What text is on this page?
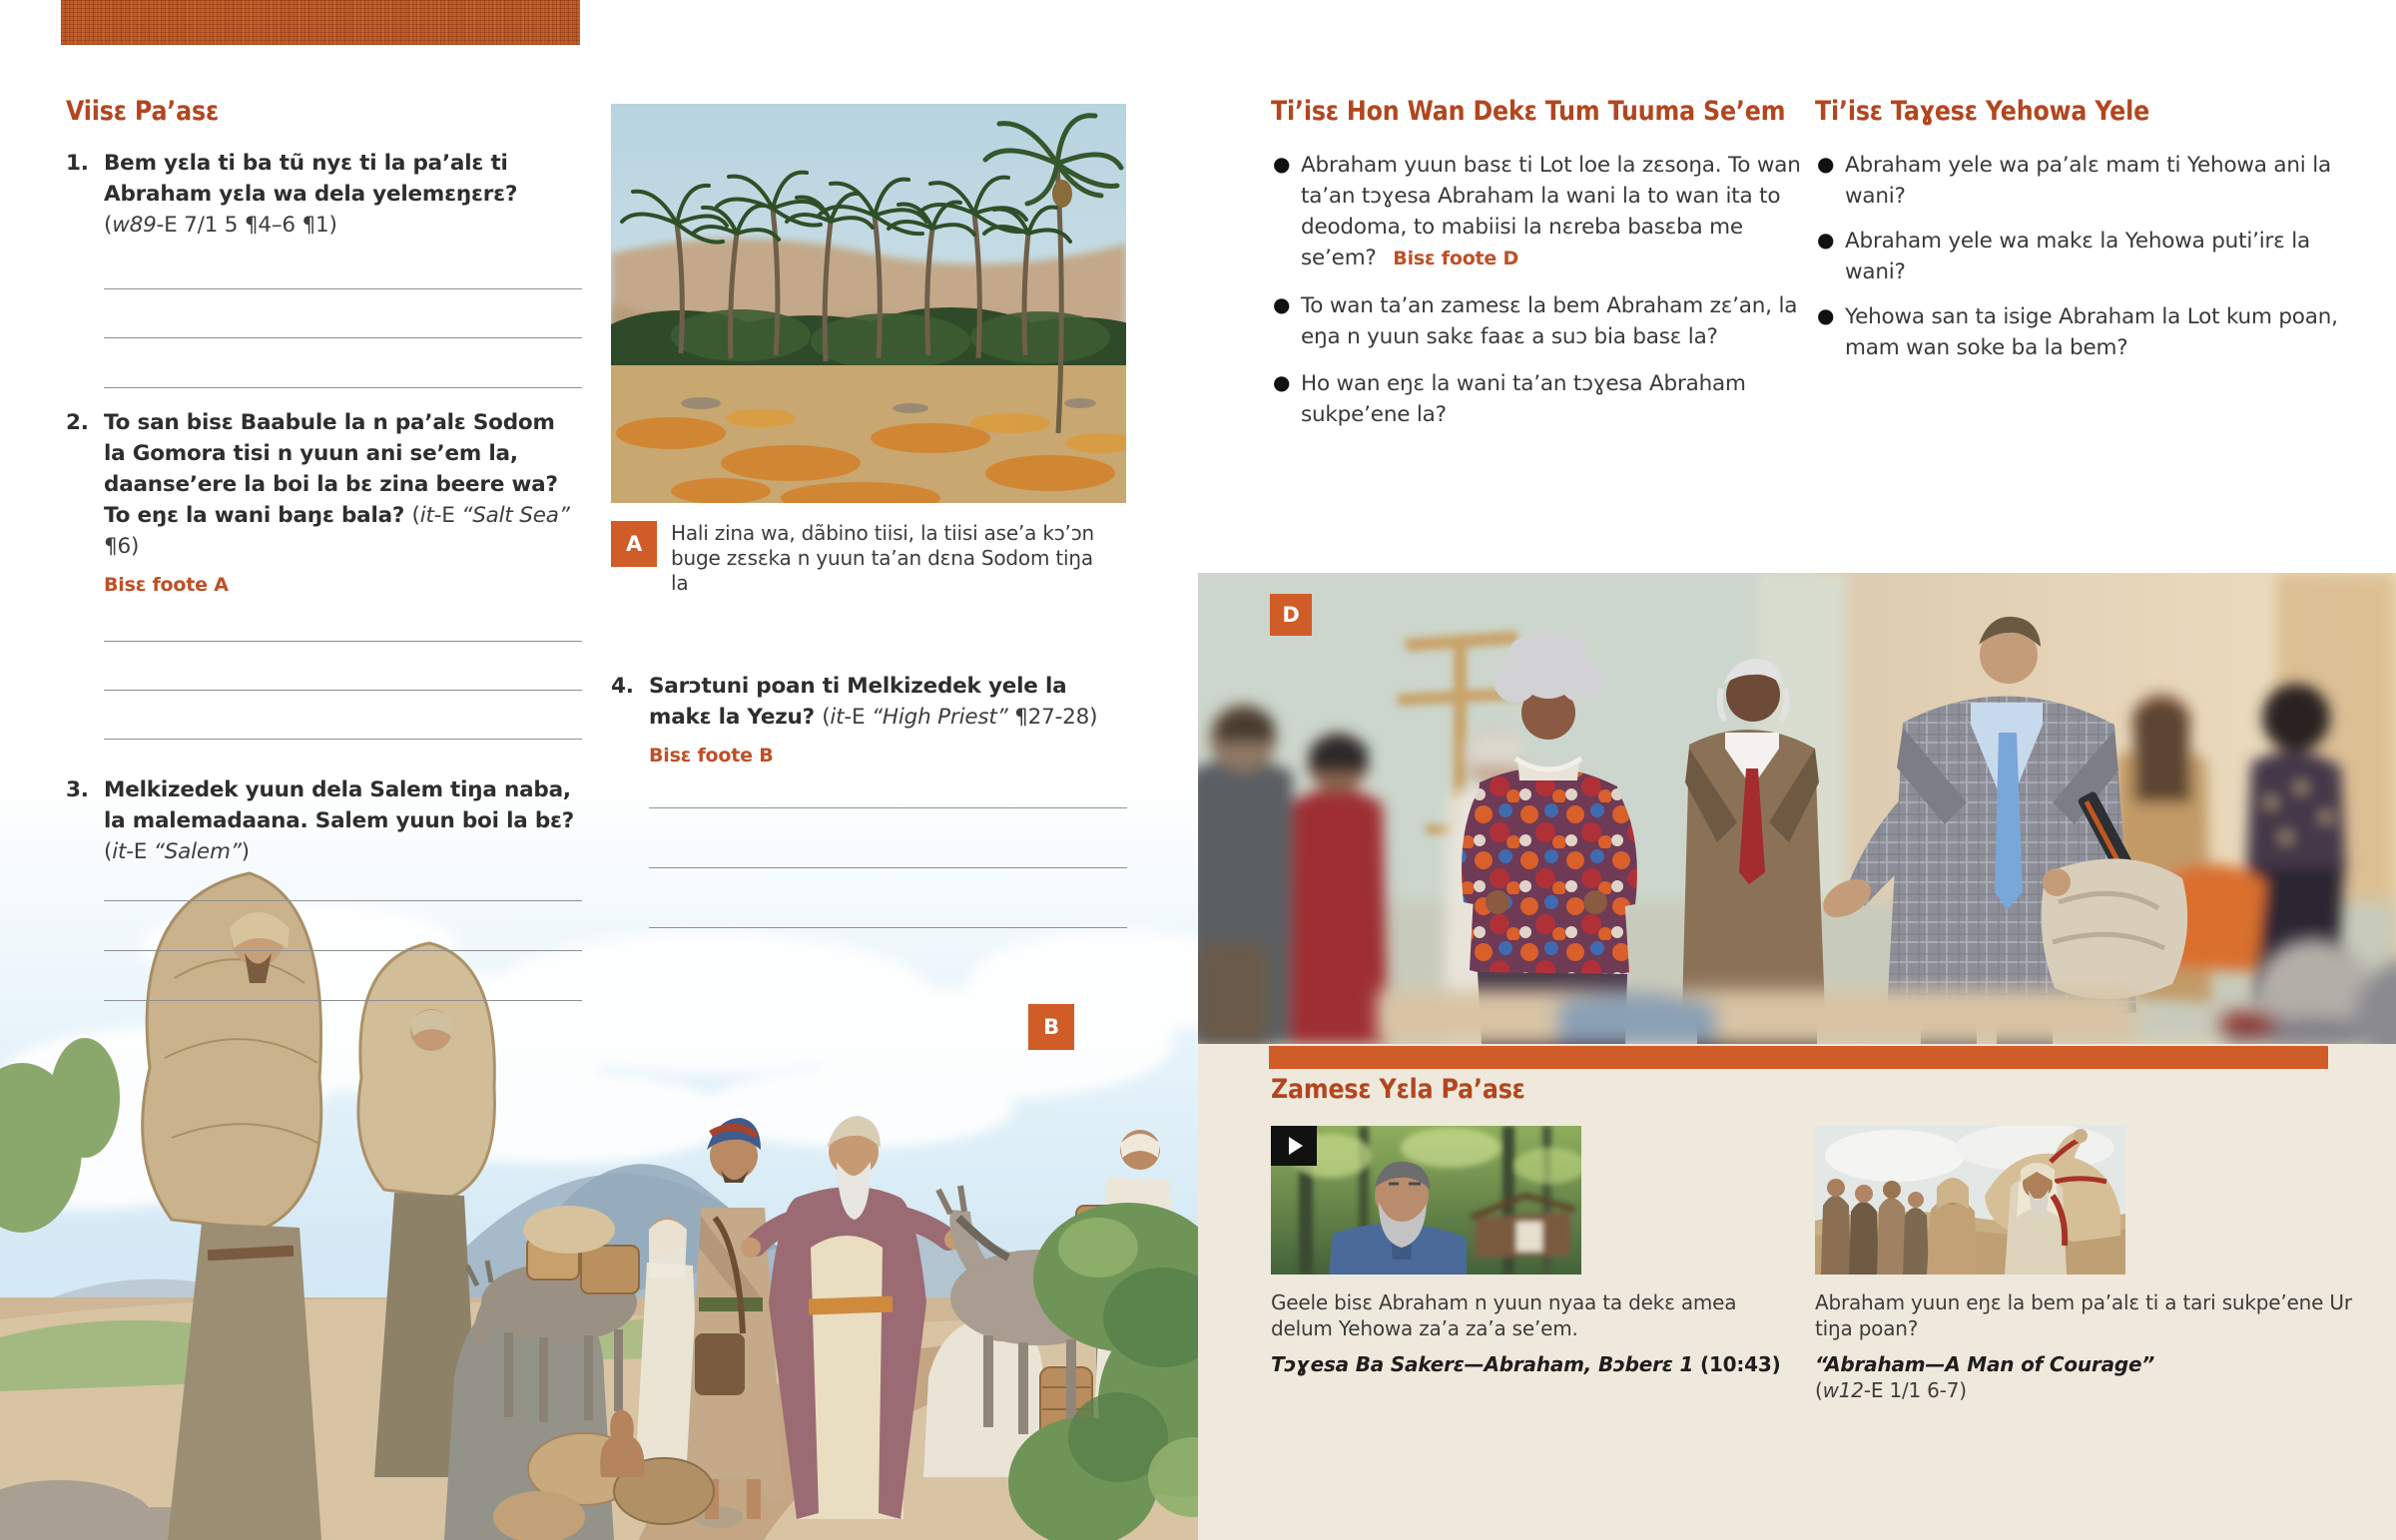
Viisɛ Pa’asɛ
1. Bem yɛla ti ba tũ nyɛ ti la pa’alɛ ti Abraham yɛla wa dela yelemɛŋɛrɛ? (w89-E 7/1 5 ¶4–6 ¶1)
2. To san bisɛ Baabule la n pa’alɛ Sodom la Gomora tisi n yuun ani se’em la, daanse’ere la boi la bɛ zina beere wa? To eŋɛ la wani baŋɛ bala? (it-E “Salt Sea” ¶6)
Bisɛ foote A
3. Melkizedek yuun dela Salem tiŋa naba, la malemadaana. Salem yuun boi la bɛ? (it-E “Salem”)
A	Hali zina wa, dãbino tiisi, la tiisi ase’a kɔ’ɔn buge zɛsɛka n yuun ta’an dɛna Sodom tiŋa la
4. Sarɔtuni poan ti Melkizedek yele la makɛ la Yezu? (it-E “High Priest” ¶27-28)
Bisɛ foote B
B
Ti’isɛ Hon Wan Dekɛ Tum Tuuma Se’em
● Abraham yuun basɛ ti Lot loe la zɛsoŋa. To wan ta’an tɔɣesa Abraham la wani la to wan ita to deodoma, to mabiisi la nɛreba basɛba me se’em? Bisɛ foote D
● To wan ta’an zamesɛ la bem Abraham zɛ’an, la eŋa n yuun sakɛ faaɛ a suɔ bia basɛ la?
● Ho wan eŋɛ la wani ta’an tɔɣesa Abraham sukpe’ene la?
Ti’isɛ Taɣesɛ Yehowa Yele
● Abraham yele wa pa’alɛ mam ti Yehowa ani la wani?
● Abraham yele wa makɛ la Yehowa puti’irɛ la wani?
● Yehowa san ta isige Abraham la Lot kum poan, mam wan soke ba la bem?
D
Zamesɛ Yɛla Pa’asɛ
Geele bisɛ Abraham n yuun nyaa ta dekɛ amea delum Yehowa za’a za’a se’em.
Tɔɣesa Ba Sakerɛ—Abraham, Bɔberɛ 1 (10:43)
Abraham yuun eŋɛ la bem pa’alɛ ti a tari sukpe’ene Ur tiŋa poan?
“Abraham—A Man of Courage”
(w12-E 1/1 6-7)
